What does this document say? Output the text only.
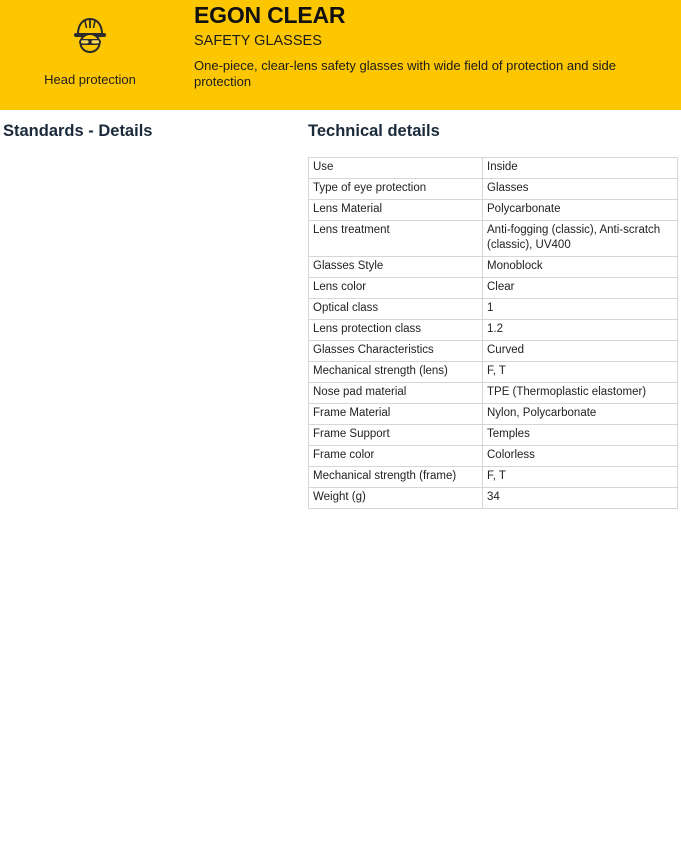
Head protection
EGON CLEAR
SAFETY GLASSES
One-piece, clear-lens safety glasses with wide field of protection and side protection
Standards - Details	Technical details
Use	Inside
Type of eye protection	Glasses
Lens Material	Polycarbonate
Lens treatment	Anti-fogging (classic), Anti-scratch (classic), UV400
Glasses Style	Monoblock
Lens color	Clear
Optical class	1
Lens protection class	1.2
Glasses Characteristics	Curved
Mechanical strength (lens)	F, T
Nose pad material	TPE (Thermoplastic elastomer)
Frame Material	Nylon, Polycarbonate
Frame Support	Temples
Frame color	Colorless
Mechanical strength (frame)	F, T
Weight (g)	34
